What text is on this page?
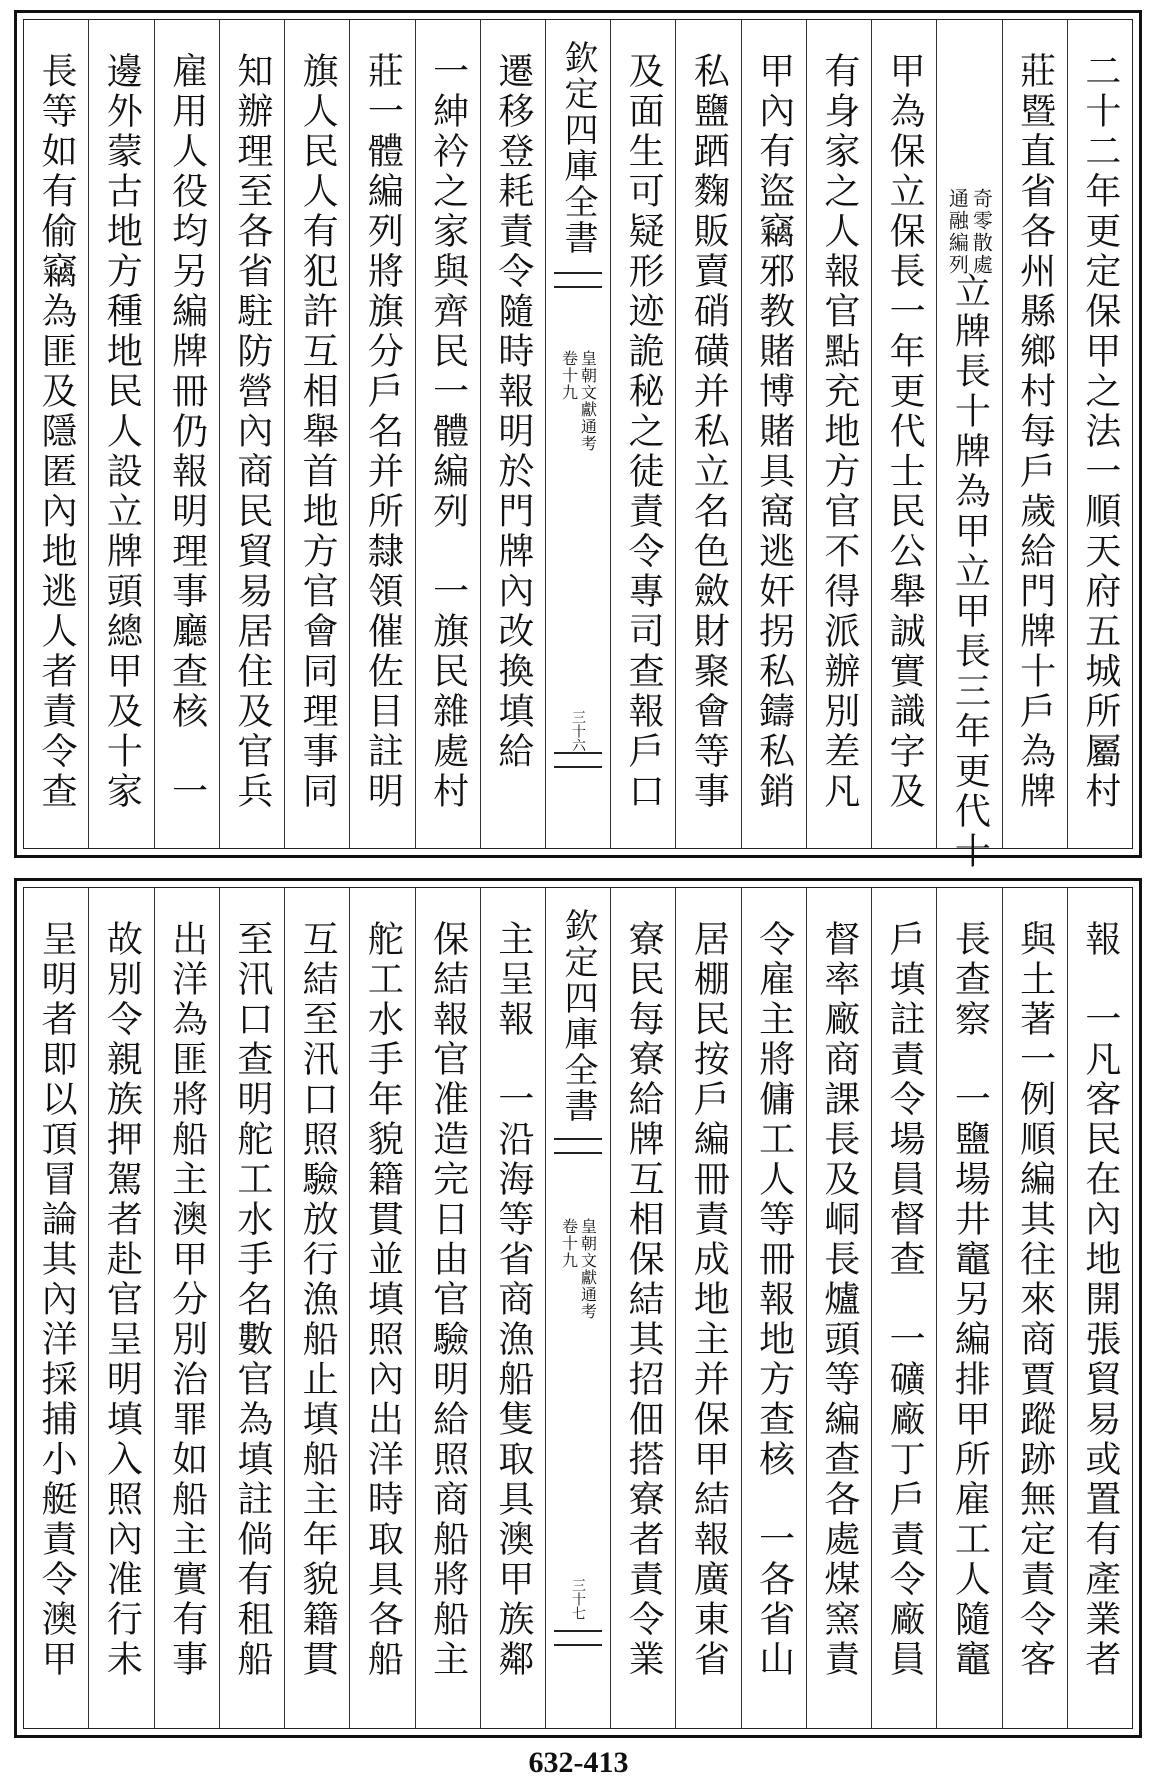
二十二年更定保甲之法一順天府五城所屬村
莊暨直省各州縣鄉村每戶歲給門牌十戶為牌
奇零散處
通融編列
立牌長十牌為甲立甲長三年更代十
甲為保立保長一年更代士民公舉誠實識字及
有身家之人報官點充地方官不得派辦別差凡
甲內有盜竊邪教賭博賭具窩逃奸拐私鑄私銷
私鹽跴麴販賣硝磺并私立名色斂財聚會等事
及面生可疑形迹詭秘之徒責令專司查報戶口
欽定四庫全書
皇朝文獻通考
卷十九
三十六
遷移登耗責令隨時報明於門牌內改換填給
一紳衿之家與齊民一體編列　一旗民雜處村
莊一體編列將旗分戶名并所隸領催佐目註明
旗人民人有犯許互相舉首地方官會同理事同
知辦理至各省駐防營內商民貿易居住及官兵
雇用人役均另編牌冊仍報明理事廳查核　一
邊外蒙古地方種地民人設立牌頭總甲及十家
長等如有偷竊為匪及隱匿內地逃人者責令查
報　一凡客民在內地開張貿易或置有產業者
與土著一例順編其往來商賈蹤跡無定責令客
長查察　一鹽場井竈另編排甲所雇工人隨竈
戶填註責令場員督查　一礦廠丁戶責令廠員
督率廠商課長及峒長爐頭等編查各處煤窯責
令雇主將傭工人等冊報地方查核　一各省山
居棚民按戶編冊責成地主并保甲結報廣東省
寮民每寮給牌互相保結其招佃搭寮者責令業
欽定四庫全書
皇朝文獻通考
卷十九
三十七
主呈報　一沿海等省商漁船隻取具澳甲族鄰
保結報官准造完日由官驗明給照商船將船主
舵工水手年貌籍貫並填照內出洋時取具各船
互結至汛口照驗放行漁船止填船主年貌籍貫
至汛口查明舵工水手名數官為填註倘有租船
出洋為匪將船主澳甲分別治罪如船主實有事
故別令親族押駕者赴官呈明填入照內准行未
呈明者即以頂冒論其內洋採捕小艇責令澳甲
632-413
